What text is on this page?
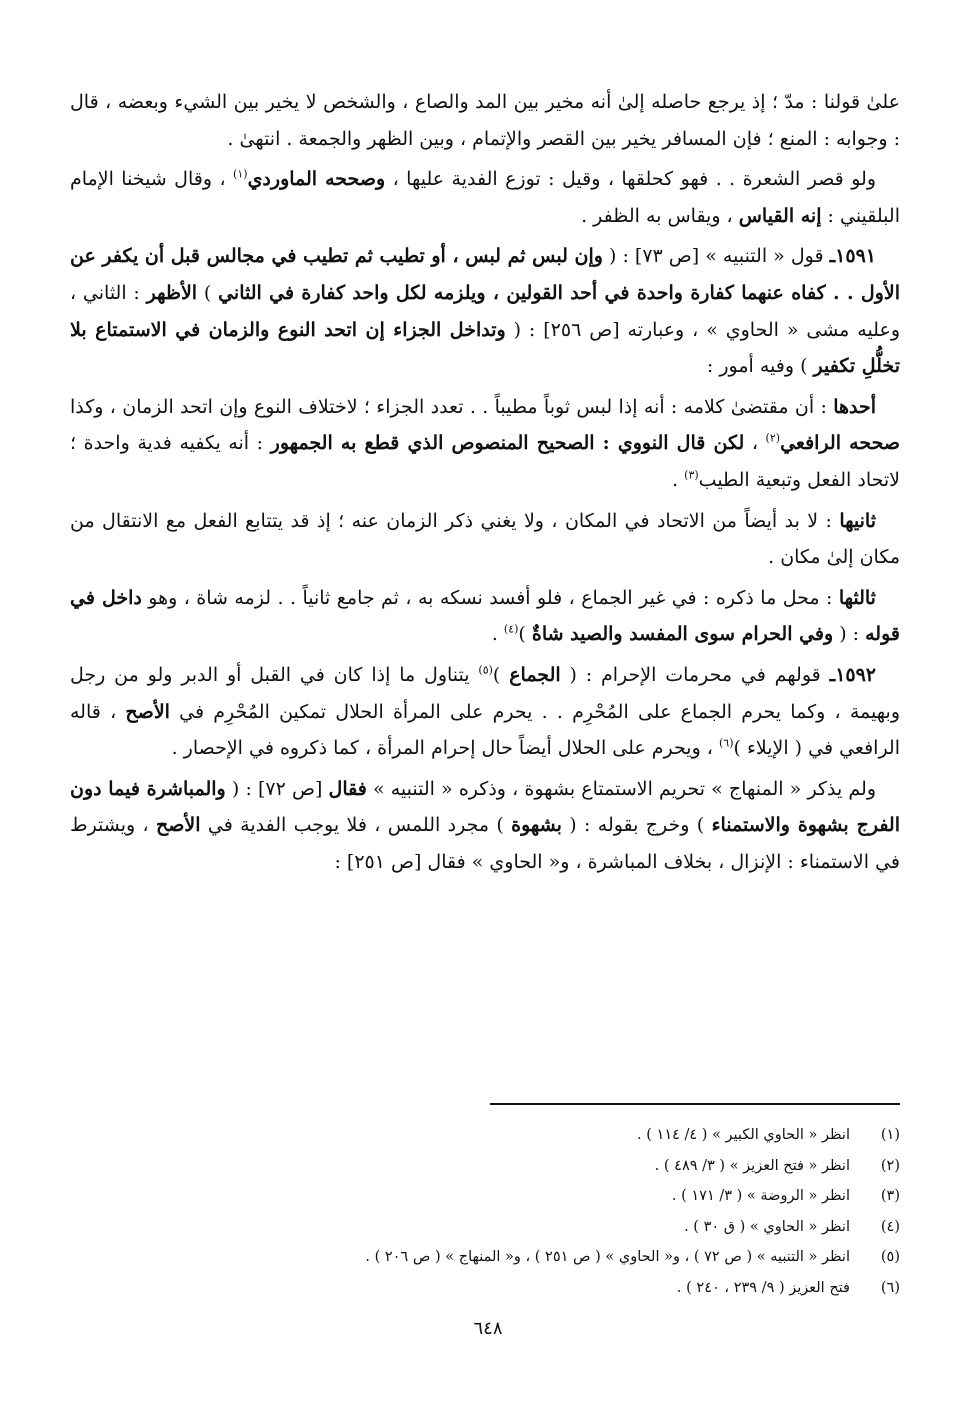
علىٰ قولنا : مدّ ؛ إذ يرجع حاصله إلىٰ أنه مخير بين المد والصاع ، والشخص لا يخير بين الشيء وبعضه ، قال : وجوابه : المنع ؛ فإن المسافر يخير بين القصر والإتمام ، وبين الظهر والجمعة . انتهىٰ .

ولو قصر الشعرة . . فهو كحلقها ، وقيل : توزع الفدية عليها ، وصححه الماوردي$^{(١)}$ ، وقال شيخنا الإمام البلقيني : إنه القياس ، ويقاس به الظفر .

١٥٩١ـ قول « التنبيه » [ص ٧٣] : ( وإن لبس ثم لبس ، أو تطيب ثم تطيب في مجالس قبل أن يكفر عن الأول . . كفاه عنهما كفارة واحدة في أحد القولين ، ويلزمه لكل واحد كفارة في الثاني ) الأظهر : الثاني ، وعليه مشى « الحاوي » ، وعبارته [ص ٢٥٦] : ( وتداخل الجزاء إن اتحد النوع والزمان في الاستمتاع بلا تخلُّلِ تكفير ) وفيه أمور :

أحدها : أن مقتضىٰ كلامه : أنه إذا لبس ثوباً مطيباً . . تعدد الجزاء ؛ لاختلاف النوع وإن اتحد الزمان ، وكذا صححه الرافعي$^{(٢)}$ ، لكن قال النووي : الصحيح المنصوص الذي قطع به الجمهور : أنه يكفيه فدية واحدة ؛ لاتحاد الفعل وتبعية الطيب$^{(٣)}$ .

ثانيها : لا بد أيضاً من الاتحاد في المكان ، ولا يغني ذكر الزمان عنه ؛ إذ قد يتتابع الفعل مع الانتقال من مكان إلىٰ مكان .

ثالثها : محل ما ذكره : في غير الجماع ، فلو أفسد نسكه به ، ثم جامع ثانياً . . لزمه شاة ، وهو داخل في قوله : ( وفي الحرام سوى المفسد والصيد شاةٌ )$^{(٤)}$ .

١٥٩٢ـ قولهم في محرمات الإحرام : ( الجماع )$^{(٥)}$ يتناول ما إذا كان في القبل أو الدبر ولو من رجل وبهيمة ، وكما يحرم الجماع على المُحْرِم . . يحرم على المرأة الحلال تمكين المُحْرِم في الأصح ، قاله الرافعي في ( الإيلاء )$^{(٦)}$ ، ويحرم على الحلال أيضاً حال إحرام المرأة ، كما ذكروه في الإحصار .

ولم يذكر « المنهاج » تحريم الاستمتاع بشهوة ، وذكره « التنبيه » فقال [ص ٧٢] : ( والمباشرة فيما دون الفرج بشهوة والاستمناء ) وخرج بقوله : ( بشهوة ) مجرد اللمس ، فلا يوجب الفدية في الأصح ، ويشترط في الاستمناء : الإنزال ، بخلاف المباشرة ، و« الحاوي » فقال [ص ٢٥١] :

(١)
انظر « الحاوي الكبير » ( ٤/ ١١٤ ) .
(٢)
انظر « فتح العزيز » ( ٣/ ٤٨٩ ) .
(٣)
انظر « الروضة » ( ٣/ ١٧١ ) .
(٤)
انظر « الحاوي » ( ق ٣٠ ) .
(٥)
انظر « التنبيه » ( ص ٧٢ ) ، و« الحاوي » ( ص ٢٥١ ) ، و« المنهاج » ( ص ٢٠٦ ) .
(٦)
فتح العزيز ( ٩/ ٢٣٩ ، ٢٤٠ ) .
٦٤٨
